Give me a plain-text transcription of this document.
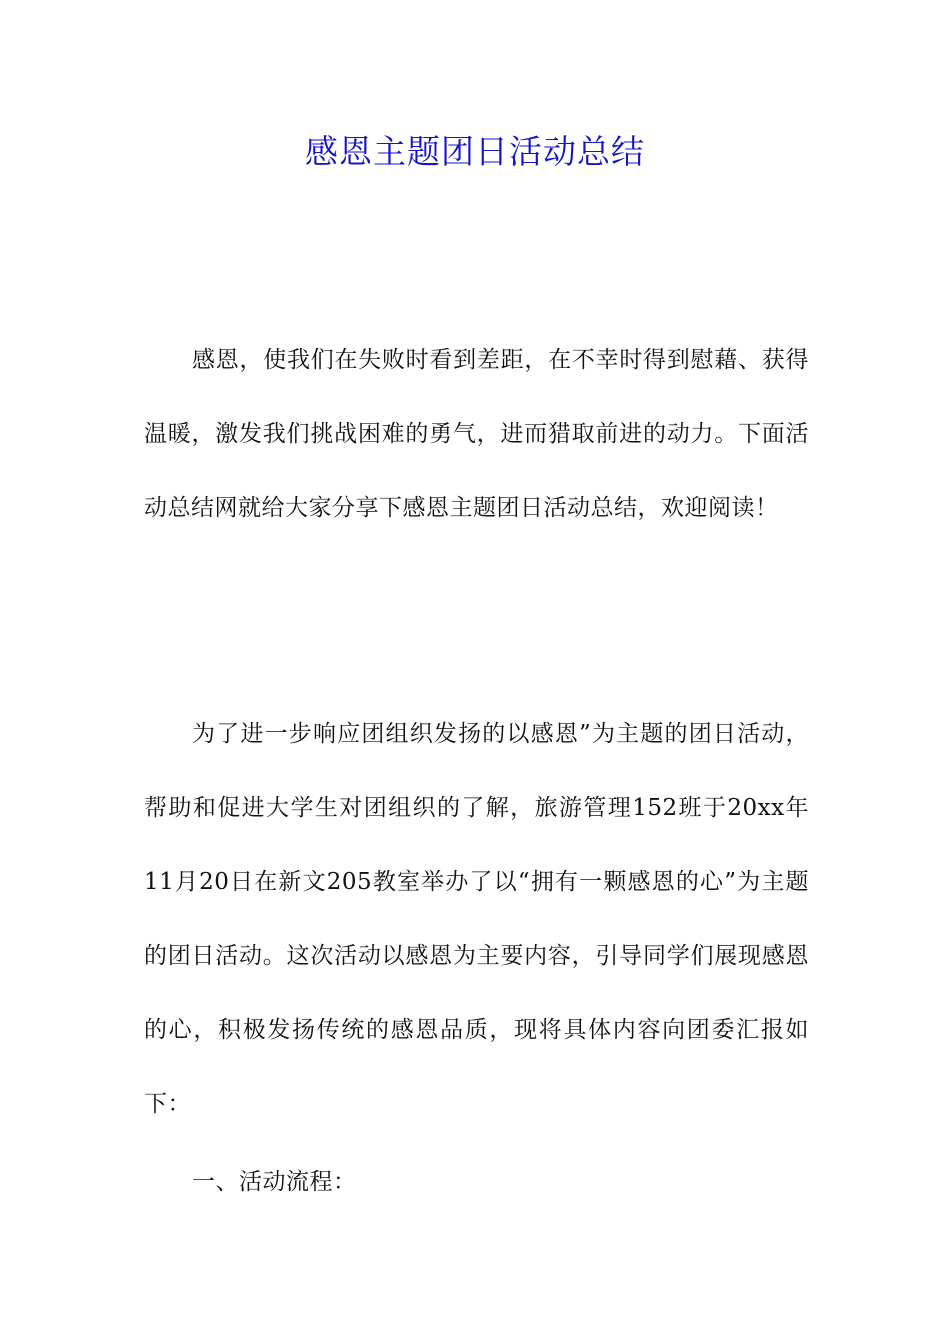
感恩主题团日活动总结

感恩，使我们在失败时看到差距，在不幸时得到慰藉、获得温暖，激发我们挑战困难的勇气，进而猎取前进的动力。下面活动总结网就给大家分享下感恩主题团日活动总结，欢迎阅读！

为了进一步响应团组织发扬的以感恩”为主题的团日活动，帮助和促进大学生对团组织的了解，旅游管理152班于20xx年11月20日在新文205教室举办了以“拥有一颗感恩的心”为主题的团日活动。这次活动以感恩为主要内容，引导同学们展现感恩的心，积极发扬传统的感恩品质，现将具体内容向团委汇报如下：

一、活动流程：
